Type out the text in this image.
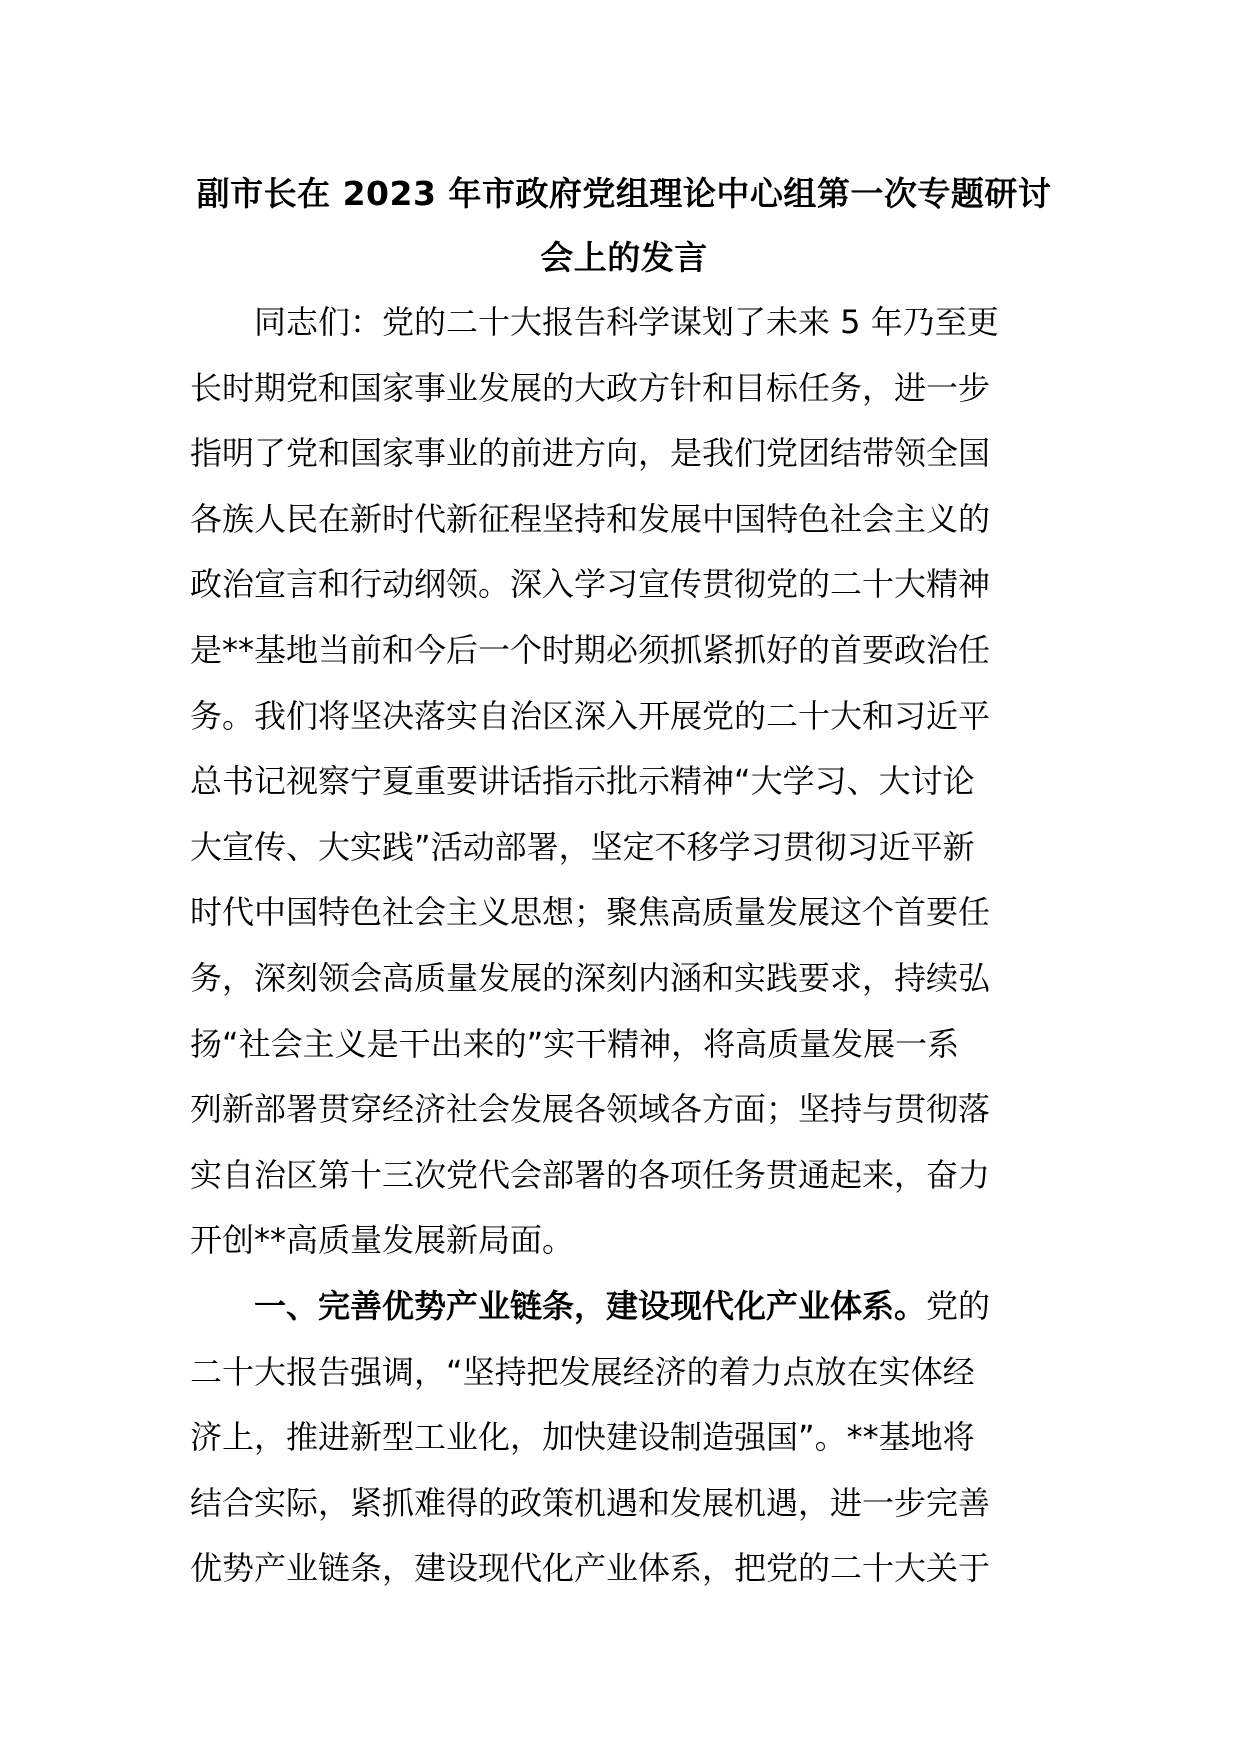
副市长在 2023 年市政府党组理论中心组第一次专题研讨
会上的发言
同志们：党的二十大报告科学谋划了未来 5 年乃至更
长时期党和国家事业发展的大政方针和目标任务，进一步
指明了党和国家事业的前进方向，是我们党团结带领全国
各族人民在新时代新征程坚持和发展中国特色社会主义的
政治宣言和行动纲领。深入学习宣传贯彻党的二十大精神
是**基地当前和今后一个时期必须抓紧抓好的首要政治任
务。我们将坚决落实自治区深入开展党的二十大和习近平
总书记视察宁夏重要讲话指示批示精神“大学习、大讨论
大宣传、大实践”活动部署，坚定不移学习贯彻习近平新
时代中国特色社会主义思想；聚焦高质量发展这个首要任
务，深刻领会高质量发展的深刻内涵和实践要求，持续弘
扬“社会主义是干出来的”实干精神，将高质量发展一系
列新部署贯穿经济社会发展各领域各方面；坚持与贯彻落
实自治区第十三次党代会部署的各项任务贯通起来，奋力
开创**高质量发展新局面。
一、完善优势产业链条，建设现代化产业体系。党的
二十大报告强调，“坚持把发展经济的着力点放在实体经
济上，推进新型工业化，加快建设制造强国”。**基地将
结合实际，紧抓难得的政策机遇和发展机遇，进一步完善
优势产业链条，建设现代化产业体系，把党的二十大关于
